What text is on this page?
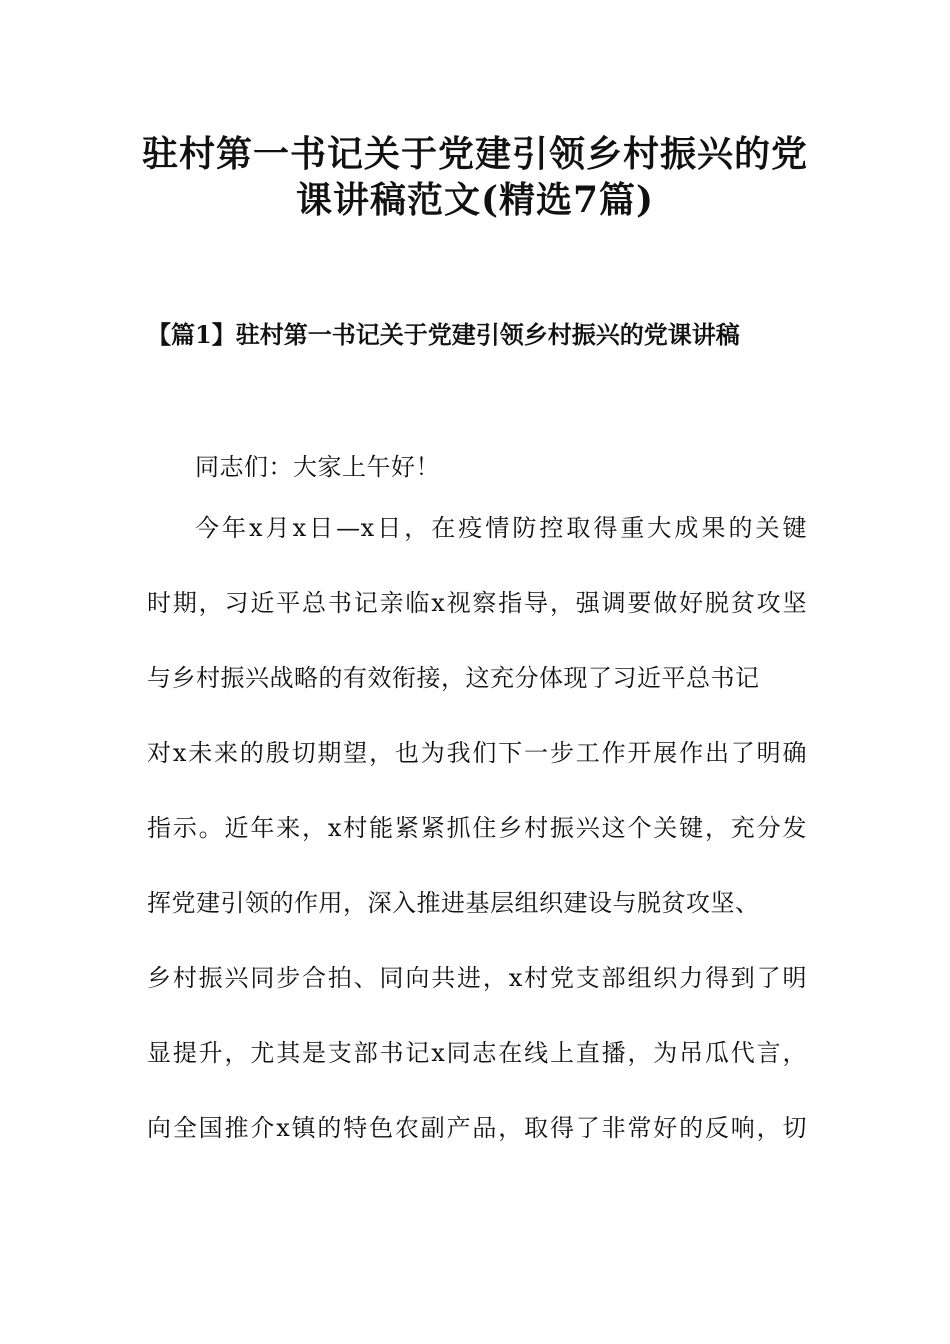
驻村第一书记关于党建引领乡村振兴的党
课讲稿范文(精选7篇)
【篇1】驻村第一书记关于党建引领乡村振兴的党课讲稿
同志们：大家上午好！
今年x月x日—x日，在疫情防控取得重大成果的关键
时期，习近平总书记亲临x视察指导，强调要做好脱贫攻坚
与乡村振兴战略的有效衔接，这充分体现了习近平总书记
对x未来的殷切期望，也为我们下一步工作开展作出了明确
指示。近年来，x村能紧紧抓住乡村振兴这个关键，充分发
挥党建引领的作用，深入推进基层组织建设与脱贫攻坚、
乡村振兴同步合拍、同向共进，x村党支部组织力得到了明
显提升，尤其是支部书记x同志在线上直播，为吊瓜代言，
向全国推介x镇的特色农副产品，取得了非常好的反响，切
